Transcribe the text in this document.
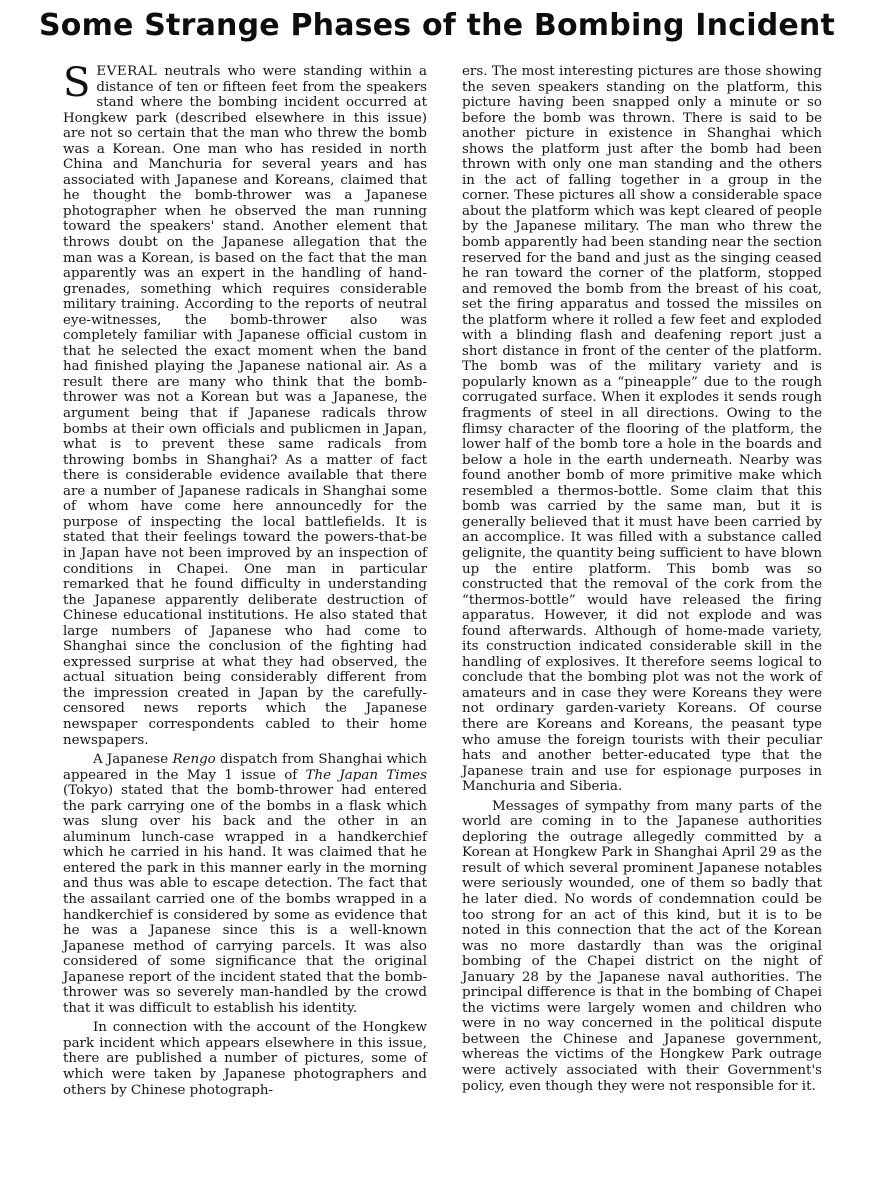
Some Strange Phases of the Bombing Incident

SEVERAL neutrals who were standing within a distance of ten or fifteen feet from the speakers stand where the bombing incident occurred at Hongkew park (described elsewhere in this issue) are not so certain that the man who threw the bomb was a Korean. One man who has resided in north China and Manchuria for several years and has associated with Japanese and Koreans, claimed that he thought the bomb-thrower was a Japanese photographer when he observed the man running toward the speakers' stand. Another element that throws doubt on the Japanese allegation that the man was a Korean, is based on the fact that the man apparently was an expert in the handling of hand-grenades, something which requires considerable military training. According to the reports of neutral eye-witnesses, the bomb-thrower also was completely familiar with Japanese official custom in that he selected the exact moment when the band had finished playing the Japanese national air. As a result there are many who think that the bomb-thrower was not a Korean but was a Japanese, the argument being that if Japanese radicals throw bombs at their own officials and publicmen in Japan, what is to prevent these same radicals from throwing bombs in Shanghai? As a matter of fact there is considerable evidence available that there are a number of Japanese radicals in Shanghai some of whom have come here announcedly for the purpose of inspecting the local battlefields. It is stated that their feelings toward the powers-that-be in Japan have not been improved by an inspection of conditions in Chapei. One man in particular remarked that he found difficulty in understanding the Japanese apparently deliberate destruction of Chinese educational institutions. He also stated that large numbers of Japanese who had come to Shanghai since the conclusion of the fighting had expressed surprise at what they had observed, the actual situation being considerably different from the impression created in Japan by the carefully-censored news reports which the Japanese newspaper correspondents cabled to their home newspapers.

A Japanese Rengo dispatch from Shanghai which appeared in the May 1 issue of The Japan Times (Tokyo) stated that the bomb-thrower had entered the park carrying one of the bombs in a flask which was slung over his back and the other in an aluminum lunch-case wrapped in a handkerchief which he carried in his hand. It was claimed that he entered the park in this manner early in the morning and thus was able to escape detection. The fact that the assailant carried one of the bombs wrapped in a handkerchief is considered by some as evidence that he was a Japanese since this is a well-known Japanese method of carrying parcels. It was also considered of some significance that the original Japanese report of the incident stated that the bomb-thrower was so severely man-handled by the crowd that it was difficult to establish his identity.

In connection with the account of the Hongkew park incident which appears elsewhere in this issue, there are published a number of pictures, some of which were taken by Japanese photographers and others by Chinese photograph-

ers. The most interesting pictures are those showing the seven speakers standing on the platform, this picture having been snapped only a minute or so before the bomb was thrown. There is said to be another picture in existence in Shanghai which shows the platform just after the bomb had been thrown with only one man standing and the others in the act of falling together in a group in the corner. These pictures all show a considerable space about the platform which was kept cleared of people by the Japanese military. The man who threw the bomb apparently had been standing near the section reserved for the band and just as the singing ceased he ran toward the corner of the platform, stopped and removed the bomb from the breast of his coat, set the firing apparatus and tossed the missiles on the platform where it rolled a few feet and exploded with a blinding flash and deafening report just a short distance in front of the center of the platform. The bomb was of the military variety and is popularly known as a “pineapple” due to the rough corrugated surface. When it explodes it sends rough fragments of steel in all directions. Owing to the flimsy character of the flooring of the platform, the lower half of the bomb tore a hole in the boards and below a hole in the earth underneath. Nearby was found another bomb of more primitive make which resembled a thermos-bottle. Some claim that this bomb was carried by the same man, but it is generally believed that it must have been carried by an accomplice. It was filled with a substance called gelignite, the quantity being sufficient to have blown up the entire platform. This bomb was so constructed that the removal of the cork from the “thermos-bottle” would have released the firing apparatus. However, it did not explode and was found afterwards. Although of home-made variety, its construction indicated considerable skill in the handling of explosives. It therefore seems logical to conclude that the bombing plot was not the work of amateurs and in case they were Koreans they were not ordinary garden-variety Koreans. Of course there are Koreans and Koreans, the peasant type who amuse the foreign tourists with their peculiar hats and another better-educated type that the Japanese train and use for espionage purposes in Manchuria and Siberia.

Messages of sympathy from many parts of the world are coming in to the Japanese authorities deploring the outrage allegedly committed by a Korean at Hongkew Park in Shanghai April 29 as the result of which several prominent Japanese notables were seriously wounded, one of them so badly that he later died. No words of condemnation could be too strong for an act of this kind, but it is to be noted in this connection that the act of the Korean was no more dastardly than was the original bombing of the Chapei district on the night of January 28 by the Japanese naval authorities. The principal difference is that in the bombing of Chapei the victims were largely women and children who were in no way concerned in the political dispute between the Chinese and Japanese government, whereas the victims of the Hongkew Park outrage were actively associated with their Government's policy, even though they were not responsible for it.
